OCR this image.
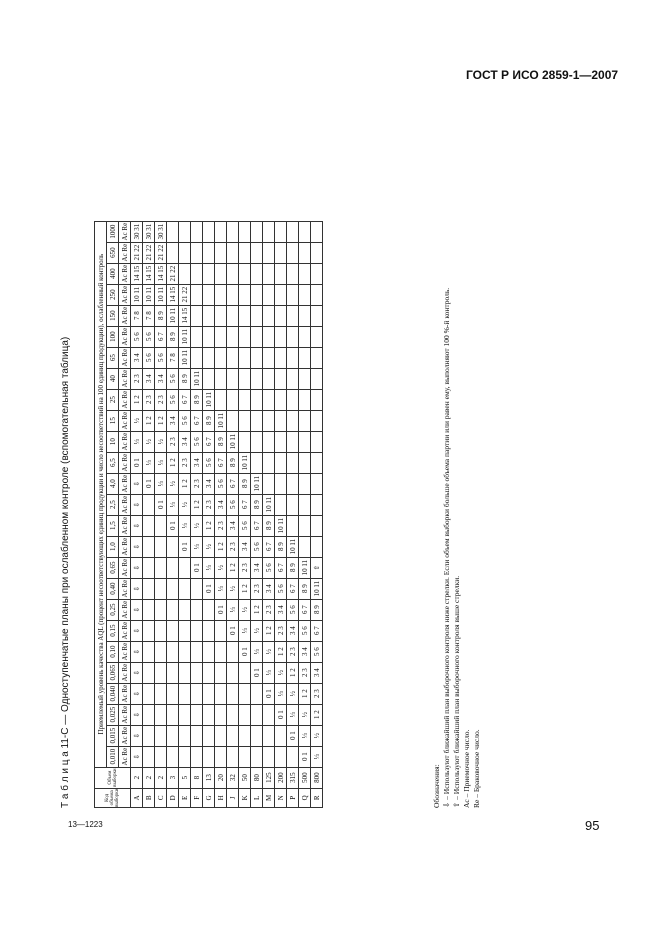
ГОСТ Р ИСО 2859-1—2007
Т а б л и ц а 11-C — Одноступенчатые планы при ослабленном контроле (вспомогательная таблица)	Код объема выборки	Объем выборки	Приемлемый уровень качества AQL (процент несоответствующих единиц продукции и число несоответствий на 100 единиц продукции), ослабленный контроль																									
		0,010	0,015	0,025	0,040	0,065	0,10	0,15	0,25	0,40	0,65	1,0	1,5	2,5	4,0	6,5	10	15	25	40	65	100	150	250	400	650	1000
		Ac Re	Ac Re	Ac Re	Ac Re	Ac Re	Ac Re	Ac Re	Ac Re	Ac Re	Ac Re	Ac Re	Ac Re	Ac Re	Ac Re	Ac Re	Ac Re	Ac Re	Ac Re	Ac Re	Ac Re	Ac Re	Ac Re	Ac Re	Ac Re	Ac Re	Ac Re
A	2	⇩	⇩	⇩	⇩	⇩	⇩	⇩	⇩	⇩	⇩	⇩	⇩	⇩	⇩	0 1	⅓	½	1 2	2 3	3 4	5 6	7 8	10 11	14 15	21 22	30 31
B	2														0 1	⅓	½	1 2	2 3	3 4	5 6	5 6	7 8	10 11	14 15	21 22	30 31
C	2													0 1	⅓	⅓	½	1 2	2 3	3 4	5 6	6 7	8 9	10 11	14 15	21 22	30 31
D	3												0 1	⅓	½	1 2	2 3	3 4	5 6	5 6	7 8	8 9	10 11	14 15	21 22		
E	5											0 1	⅓	½	1 2	2 3	3 4	5 6	6 7	8 9	10 11	10 11	14 15	21 22			
F	8										0 1	⅓	½	1 2	2 3	3 4	5 6	6 7	8 9	10 11							
G	13									0 1	⅓	½	1 2	2 3	3 4	5 6	6 7	8 9	10 11								
H	20								0 1	⅓	½	1 2	2 3	3 4	5 6	6 7	8 9	10 11									
J	32							0 1	⅓	½	1 2	2 3	3 4	5 6	6 7	8 9	10 11										
K	50						0 1	⅓	½	1 2	2 3	3 4	5 6	6 7	8 9	10 11											
L	80					0 1	⅓	½	1 2	2 3	3 4	5 6	6 7	8 9	10 11												
M	125				0 1	⅓	½	1 2	2 3	3 4	5 6	6 7	8 9	10 11													
N	200			0 1	⅓	½	1 2	2 3	3 4	5 6	6 7	8 9	10 11														
P	315		0 1	⅓	½	1 2	2 3	3 4	5 6	6 7	8 9	10 11															
Q	500	0 1	⅓	½	1 2	2 3	3 4	5 6	6 7	8 9	10 11																
R	800	⅓	½	1 2	2 3	3 4	5 6	6 7	8 9	10 11	⇧																
Обозначения: ⇩ – Используют ближайший план выборочного контроля ниже стрелки. Если объем выборки больше объема партии или равен ему, выполняют 100 %-й контроль. ⇧ – Используют ближайший план выборочного контроля выше стрелки. Ac – Приемочное число. Re – Браковочное число.
13—1223	95
